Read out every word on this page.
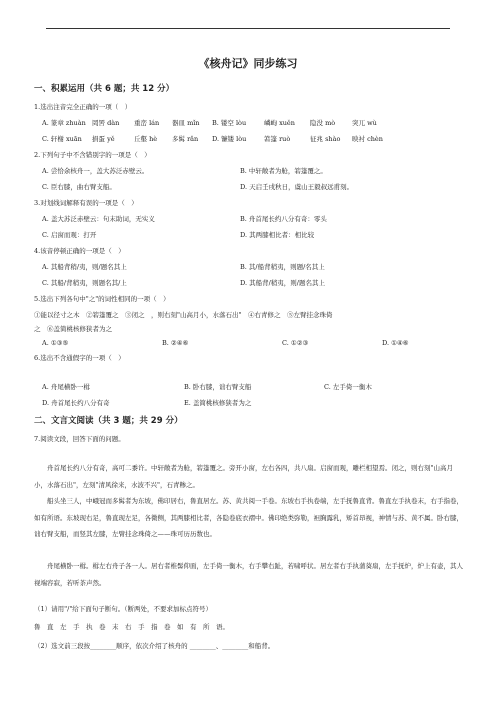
《核舟记》同步练习
一、积累运用（共 6 题；共 12 分）
1.选出注音完全正确的一项（　）
A. 篆章 zhuàn 罔罟 dàn 重峦 lán 器皿 mǐn B. 镂空 lòu	嶙峋 xuěn 隐没 mò	突兀 wù
C. 轩榭 xuān 捐蛋 yě	丘壑 hè 多髯 rǎn D. 镰镂 lòu	箬篷 ruò	征兆 shào 映衬 chèn
2.下列句子中不含错别字的一项是（　）
A. 尝恰余核舟一，盖大苏泛赤壁云。	B. 中轩敞者为舱，箬篷覆之。
C. 臣右膝，曲右臂支船。	D. 天启壬戌秋日，虞山王毅叔远甫刻。
3.对划线词解释有误的一项是（　）
A. 盖大苏泛赤壁云：句末助词，无实义	B. 舟首尾长约八分有奇：零头
C. 启窗而观：打开	D. 其两膝相比者：相比较
4.该音停顿正确的一项是（　）
A. 其船背稍/夷，则/题名其上	B. 其/船背稍夷，则题/名其上
C. 其船/背稍夷，则题名其/上	D. 其船背/稍夷，则/题名其上
5.选出下列各句中"之"的词性相同的一项（　）
①能以径寸之木　②箬篷覆之　③闭之　，则右刻"山高月小，水落石出"　④右青修之　⑤左臂挂念珠倚
之　⑥盖简桃核修狭者为之
A. ①③⑤	B. ②④⑥	C. ①②③	D. ①④⑥
6.选出不含通假字的一项（　）
A. 舟尾横卧一楫	B. 卧右膝，诎右臂支船	C. 左手倚一衡木
D. 舟首尾长约八分有奇	E. 盖简桃核修狭者为之
二、文言文阅读（共 3 题；共 29 分）
7.阅读文段，回答下面的问题。
舟首尾长约八分有奇，高可二黍许。中轩敞者为舱，箬篷覆之。旁开小窗，左右各四，共八扇。启窗而观，雕栏相望焉。闭之，则右刻"山高月小，水落石出"，左刻"清风徐来，水波不兴"，石青糁之。
船头坐三人，中峨冠而多髯者为东坡，佛印居右，鲁直居左。苏、黄共阅一手卷。东坡右手执卷端，左手抚鲁直背。鲁直左手执卷末，右手指卷，如有所语。东坡现右足，鲁直现左足，各微侧，其两膝相比者，各隐卷底衣褶中。佛印绝类弥勒，袒胸露乳，矫首昂视，神情与苏、黄不属。卧右膝，诎右臂支船，而竖其左膝，左臂挂念珠倚之——珠可历历数也。
舟尾横卧一楫。楫左右舟子各一人。居右者椎髻仰面，左手倚一衡木，右手攀右趾，若啸呼状。居左者右手执蒲葵扇，左手抚炉，炉上有壶，其人视端容寂，若听茶声然。
（1）请用"/"给下面句子断句。（断两处，不要求加标点符号）
鲁　直　左　手　执　卷　末　右　手　指　卷　如　有　所　语。
（2）选文前三段按________顺序，依次介绍了核舟的 ________、________和船背。
